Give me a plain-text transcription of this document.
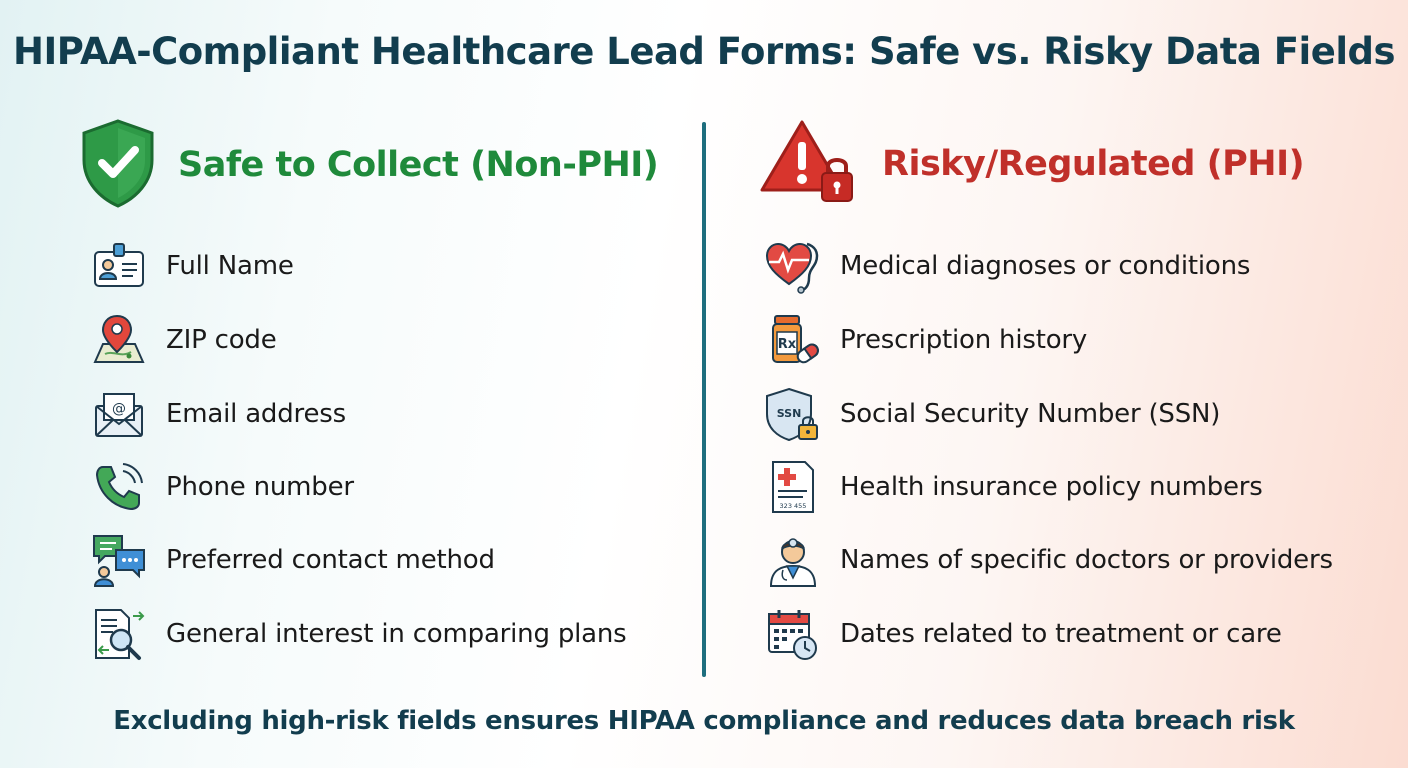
HIPAA-Compliant Healthcare Lead Forms: Safe vs. Risky Data Fields
Safe to Collect (Non-PHI)	Risky/Regulated (PHI)
Full Name
ZIP code
@ Email address
Phone number
Preferred contact method
General interest in comparing plans
Medical diagnoses or conditions
Rx Prescription history
SSN Social Security Number (SSN)
323 455
Health insurance policy numbers
Names of specific doctors or providers
Dates related to treatment or care
Excluding high-risk fields ensures HIPAA compliance and reduces data breach risk
